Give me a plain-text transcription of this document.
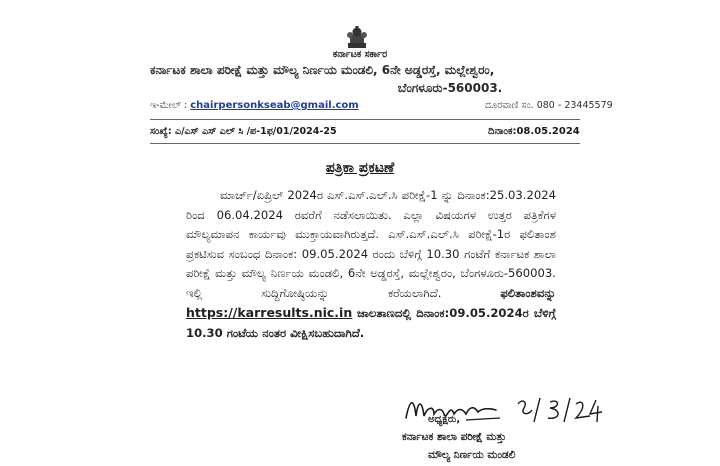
ಕರ್ನಾಟಕ ಸರ್ಕಾರ
ಕರ್ನಾಟಕ ಶಾಲಾ ಪರೀಕ್ಷೆ ಮತ್ತು ಮೌಲ್ಯ ನಿರ್ಣಯ ಮಂಡಲಿ, 6ನೇ ಅಡ್ಡರಸ್ತೆ, ಮಲ್ಲೇಶ್ವರಂ,
ಬೆಂಗಳೂರು-560003.
ಇ-ಮೇಲ್ : chairpersonkseab@gmail.com	ದೂರವಾಣಿ ಸಂ. 080 - 23445579
ಸಂಖ್ಯೆ: ಎ/ಎಸ್ ಎಸ್ ಎಲ್ ಸಿ /ಪ-1ಫ/01/2024-25	ದಿನಾಂಕ:08.05.2024
ಪತ್ರಿಕಾ ಪ್ರಕಟಣೆ

ಮಾರ್ಚ್/ಏಪ್ರಿಲ್ 2024ರ ಎಸ್.ಎಸ್.ಎಲ್.ಸಿ ಪರೀಕ್ಷೆ-1 ನ್ನು ದಿನಾಂಕ:25.03.2024 ರಿಂದ 06.04.2024 ರವರೆಗೆ ನಡೆಸಲಾಯಿತು. ಎಲ್ಲಾ ವಿಷಯಗಳ ಉತ್ತರ ಪತ್ರಿಕೆಗಳ ಮೌಲ್ಯಮಾಪನ ಕಾರ್ಯವು ಮುಕ್ತಾಯವಾಗಿರುತ್ತದೆ. ಎಸ್.ಎಸ್.ಎಲ್.ಸಿ ಪರೀಕ್ಷೆ-1ರ ಫಲಿತಾಂಶ ಪ್ರಕಟಿಸುವ ಸಂಬಂಧ ದಿನಾಂಕ: 09.05.2024 ರಂದು ಬೆಳಿಗ್ಗೆ 10.30 ಗಂಟೆಗೆ ಕರ್ನಾಟಕ ಶಾಲಾ ಪರೀಕ್ಷೆ ಮತ್ತು ಮೌಲ್ಯ ನಿರ್ಣಯ ಮಂಡಲಿ, 6ನೇ ಅಡ್ಡರಸ್ತೆ, ಮಲ್ಲೇಶ್ವರಂ, ಬೆಂಗಳೂರು-560003. ಇಲ್ಲಿ ಸುದ್ದಿಗೋಷ್ಠಿಯನ್ನು ಕರೆಯಲಾಗಿದೆ.	ಫಲಿತಾಂಶವನ್ನು https://karresults.nic.in ಜಾಲತಾಣದಲ್ಲಿ ದಿನಾಂಕ:09.05.2024ರ ಬೆಳಿಗ್ಗೆ 10.30 ಗಂಟೆಯ ನಂತರ ವೀಕ್ಷಿಸಬಹುದಾಗಿದೆ.

ಅಧ್ಯಕ್ಷರು,
ಕರ್ನಾಟಕ ಶಾಲಾ ಪರೀಕ್ಷೆ ಮತ್ತು
ಮೌಲ್ಯ ನಿರ್ಣಯ ಮಂಡಲಿ
